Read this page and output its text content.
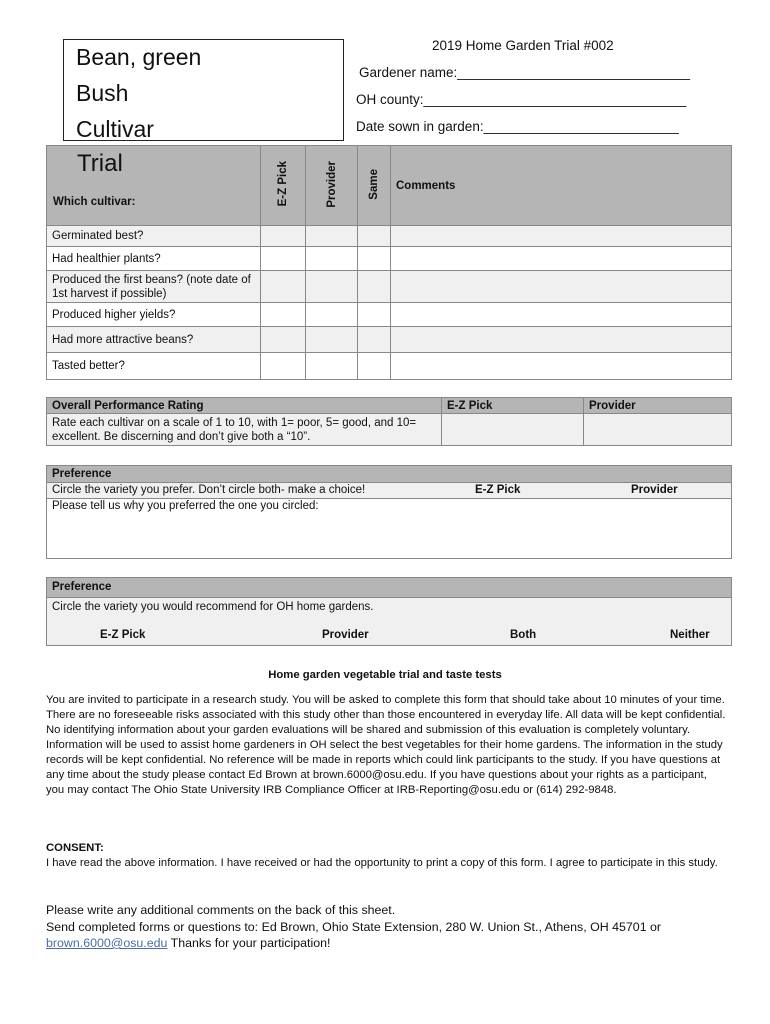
Bean, green
Bush
Cultivar
2019 Home Garden Trial #002
Gardener name:_______________________________
OH county:___________________________________
Date sown in garden:__________________________
Trial
Which cultivar:	E-Z Pick	Provider	Same	Comments
Germinated best?				
Had healthier plants?				
Produced the first beans? (note date of 1st harvest if possible)				
Produced higher yields?				
Had more attractive beans?				
Tasted better?				
Overall Performance Rating	E-Z Pick	Provider
Rate each cultivar on a scale of 1 to 10, with 1= poor, 5= good, and 10= excellent. Be discerning and don’t give both a “10”.		
Preference
Circle the variety you prefer. Don’t circle both- make a choice!	E-Z Pick	Provider
Please tell us why you preferred the one you circled:
Preference
Circle the variety you would recommend for OH home gardens.
E-Z Pick	Provider	Both	Neither
Home garden vegetable trial and taste tests
You are invited to participate in a research study. You will be asked to complete this form that should take about 10 minutes of your time. There are no foreseeable risks associated with this study other than those encountered in everyday life. All data will be kept confidential. No identifying information about your garden evaluations will be shared and submission of this evaluation is completely voluntary. Information will be used to assist home gardeners in OH select the best vegetables for their home gardens. The information in the study records will be kept confidential. No reference will be made in reports which could link participants to the study. If you have questions at any time about the study please contact Ed Brown at brown.6000@osu.edu. If you have questions about your rights as a participant, you may contact The Ohio State University IRB Compliance Officer at IRB-Reporting@osu.edu or (614) 292-9848.
CONSENT:
I have read the above information. I have received or had the opportunity to print a copy of this form. I agree to participate in this study.
Please write any additional comments on the back of this sheet.
Send completed forms or questions to: Ed Brown, Ohio State Extension, 280 W. Union St., Athens, OH 45701 or brown.6000@osu.edu Thanks for your participation!
